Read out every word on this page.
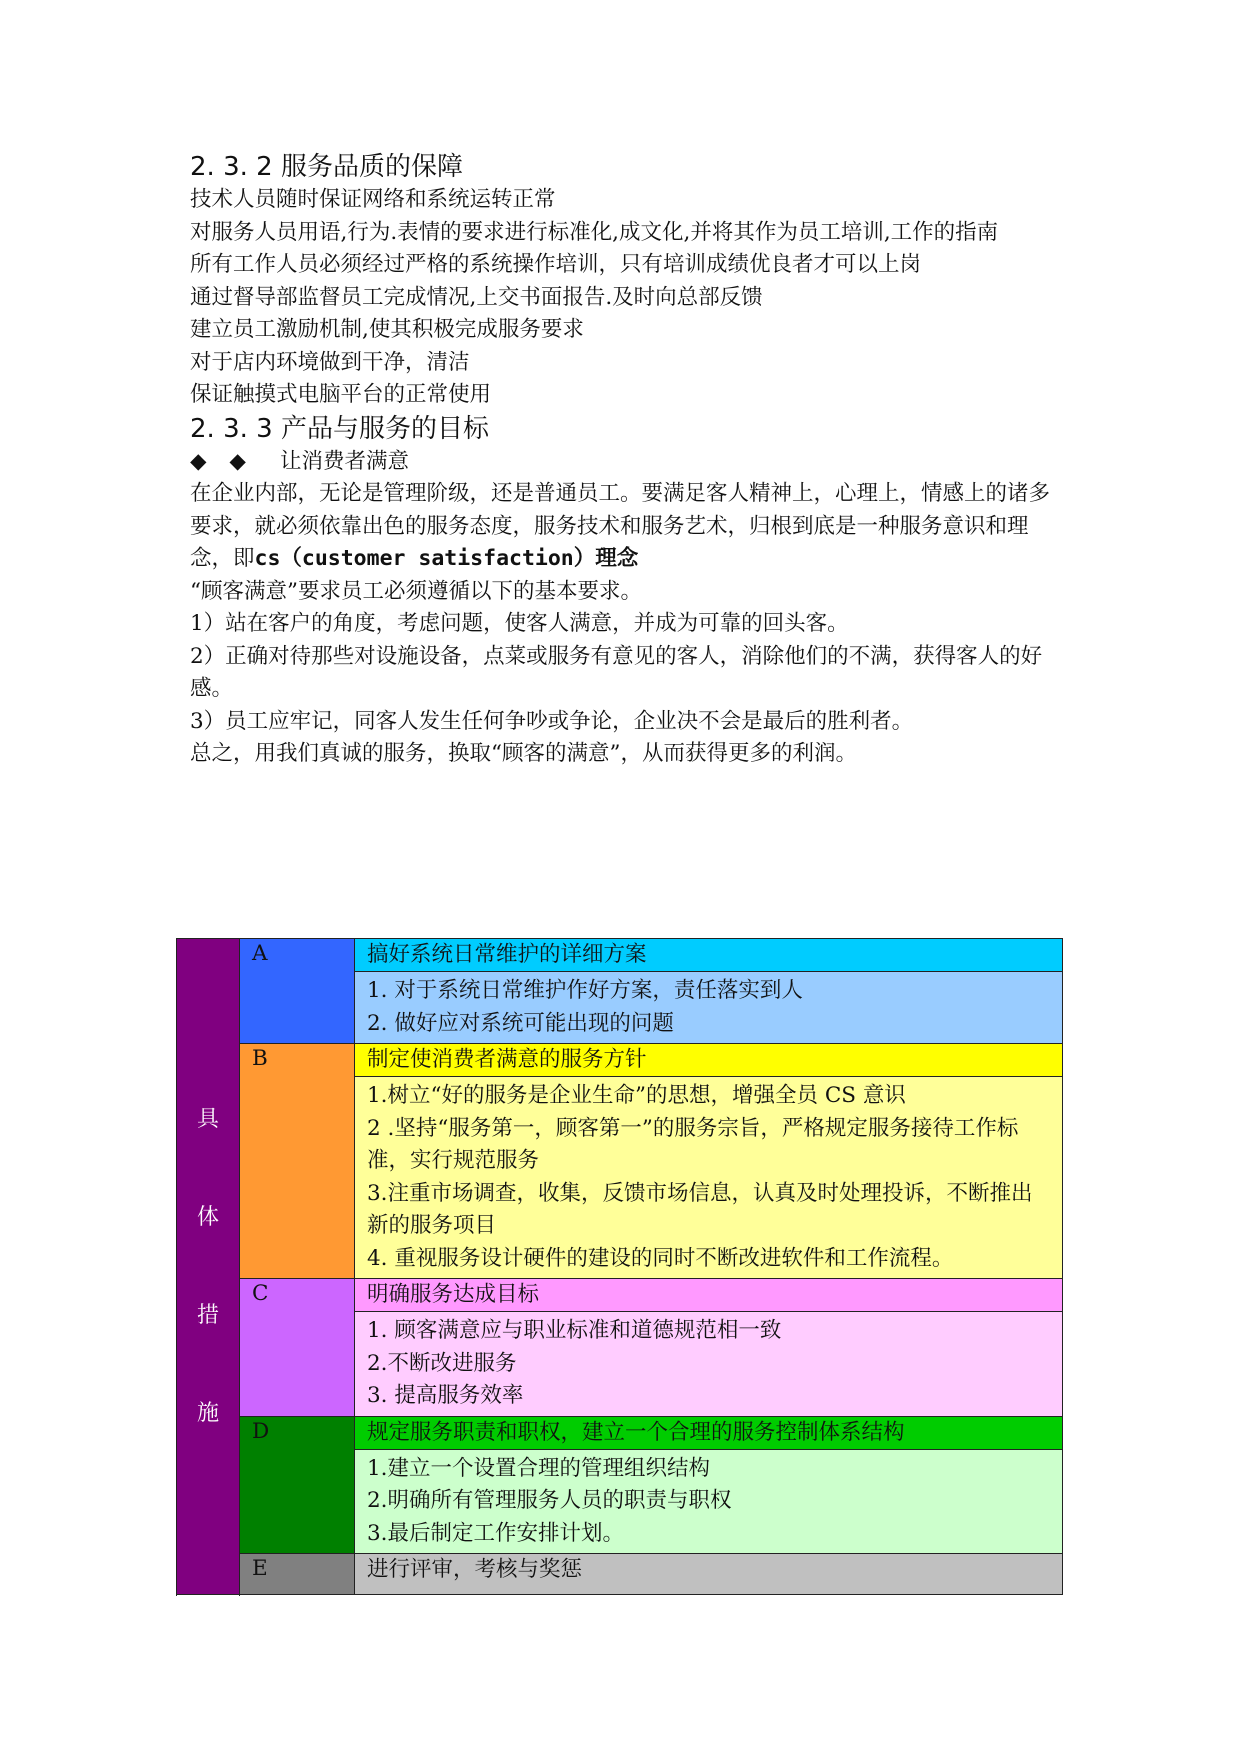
2. 3. 2 服务品质的保障

技术人员随时保证网络和系统运转正常

对服务人员用语,行为.表情的要求进行标准化,成文化,并将其作为员工培训,工作的指南

所有工作人员必须经过严格的系统操作培训，只有培训成绩优良者才可以上岗

通过督导部监督员工完成情况,上交书面报告.及时向总部反馈

建立员工激励机制,使其积极完成服务要求

对于店内环境做到干净，清洁

保证触摸式电脑平台的正常使用

2. 3. 3 产品与服务的目标

◆ ◆ 让消费者满意

在企业内部，无论是管理阶级，还是普通员工。要满足客人精神上，心理上，情感上的诸多要求，就必须依靠出色的服务态度，服务技术和服务艺术，归根到底是一种服务意识和理念，即cs（customer satisfaction）理念

“顾客满意”要求员工必须遵循以下的基本要求。

1）站在客户的角度，考虑问题，使客人满意，并成为可靠的回头客。

2）正确对待那些对设施设备，点菜或服务有意见的客人，消除他们的不满，获得客人的好感。

3）员工应牢记，同客人发生任何争吵或争论，企业决不会是最后的胜利者。

总之，用我们真诚的服务，换取“顾客的满意”，从而获得更多的利润。

具
体
措
施	A	搞好系统日常维护的详细方案

		1. 对于系统日常维护作好方案，责任落实到人
2. 做好应对系统可能出现的问题

	B	制定使消费者满意的服务方针

		1.树立“好的服务是企业生命”的思想，增强全员 CS 意识
2 .坚持“服务第一，顾客第一”的服务宗旨，严格规定服务接待工作标准，实行规范服务
3.注重市场调查，收集，反馈市场信息，认真及时处理投诉，不断推出新的服务项目
4. 重视服务设计硬件的建设的同时不断改进软件和工作流程。

	C	明确服务达成目标

		1. 顾客满意应与职业标准和道德规范相一致
2.不断改进服务
3. 提高服务效率

	D	规定服务职责和职权，建立一个合理的服务控制体系结构

		1.建立一个设置合理的管理组织结构
2.明确所有管理服务人员的职责与职权
3.最后制定工作安排计划。

	E	进行评审，考核与奖惩
